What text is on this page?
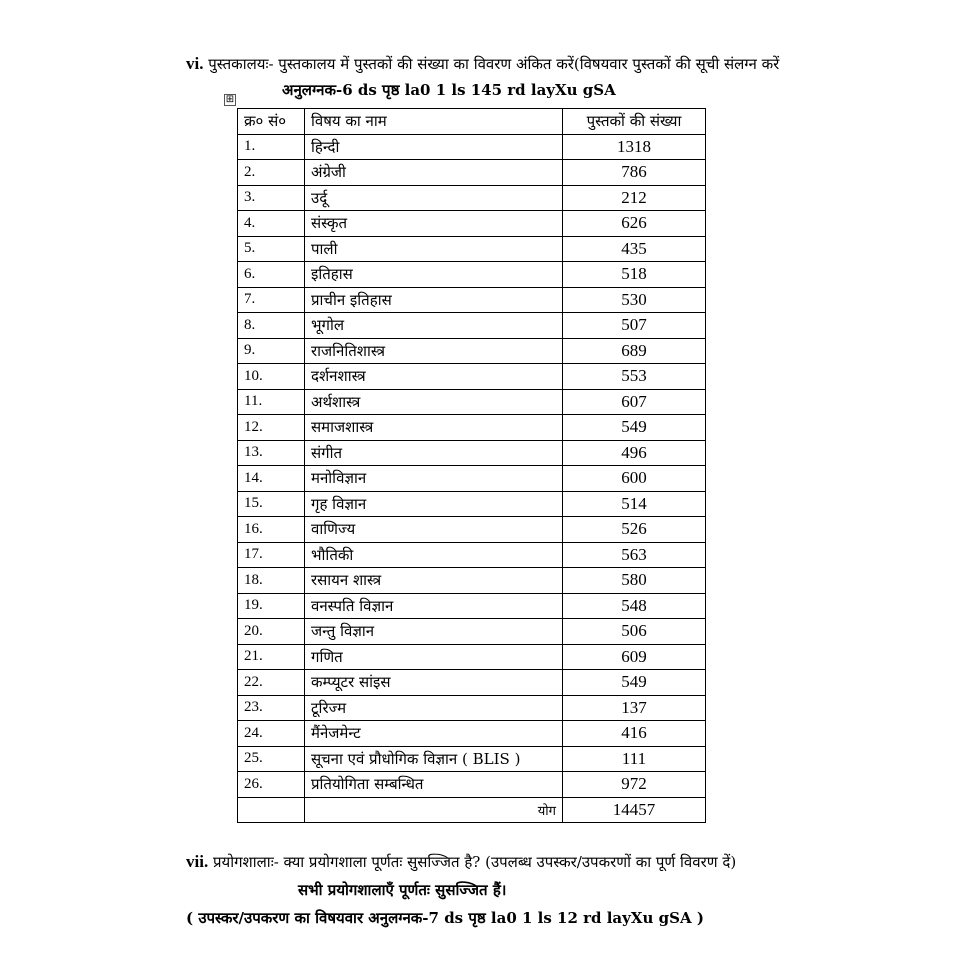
vi. पुस्तकालयः- पुस्तकालय में पुस्तकों की संख्या का विवरण अंकित करें(विषयवार पुस्तकों की सूची संलग्न करें
अनुलग्नक-6 ds पृष्ठ la0 1 ls 145 rd layXu gSA
⊞
क्र० सं०	विषय का नाम	पुस्तकों की संख्या
1.	हिन्दी	1318
2.	अंग्रेजी	786
3.	उर्दू	212
4.	संस्कृत	626
5.	पाली	435
6.	इतिहास	518
7.	प्राचीन इतिहास	530
8.	भूगोल	507
9.	राजनितिशास्त्र	689
10.	दर्शनशास्त्र	553
11.	अर्थशास्त्र	607
12.	समाजशास्त्र	549
13.	संगीत	496
14.	मनोविज्ञान	600
15.	गृह विज्ञान	514
16.	वाणिज्य	526
17.	भौतिकी	563
18.	रसायन शास्त्र	580
19.	वनस्पति विज्ञान	548
20.	जन्तु विज्ञान	506
21.	गणित	609
22.	कम्प्यूटर सांइस	549
23.	टूरिज्म	137
24.	मैंनेजमेन्ट	416
25.	सूचना एवं प्रौधोगिक विज्ञान ( BLIS )	111
26.	प्रतियोगिता सम्बन्धित	972
	योग	14457
vii. प्रयोगशालाः- क्या प्रयोगशाला पूर्णतः सुसज्जित है? (उपलब्ध उपस्कर/उपकरणों का पूर्ण विवरण दें)
सभी प्रयोगशालाएँ पूर्णतः सुसज्जित हैं।
( उपस्कर/उपकरण का विषयवार अनुलग्नक-7 ds पृष्ठ la0 1 ls 12 rd layXu gSA )
